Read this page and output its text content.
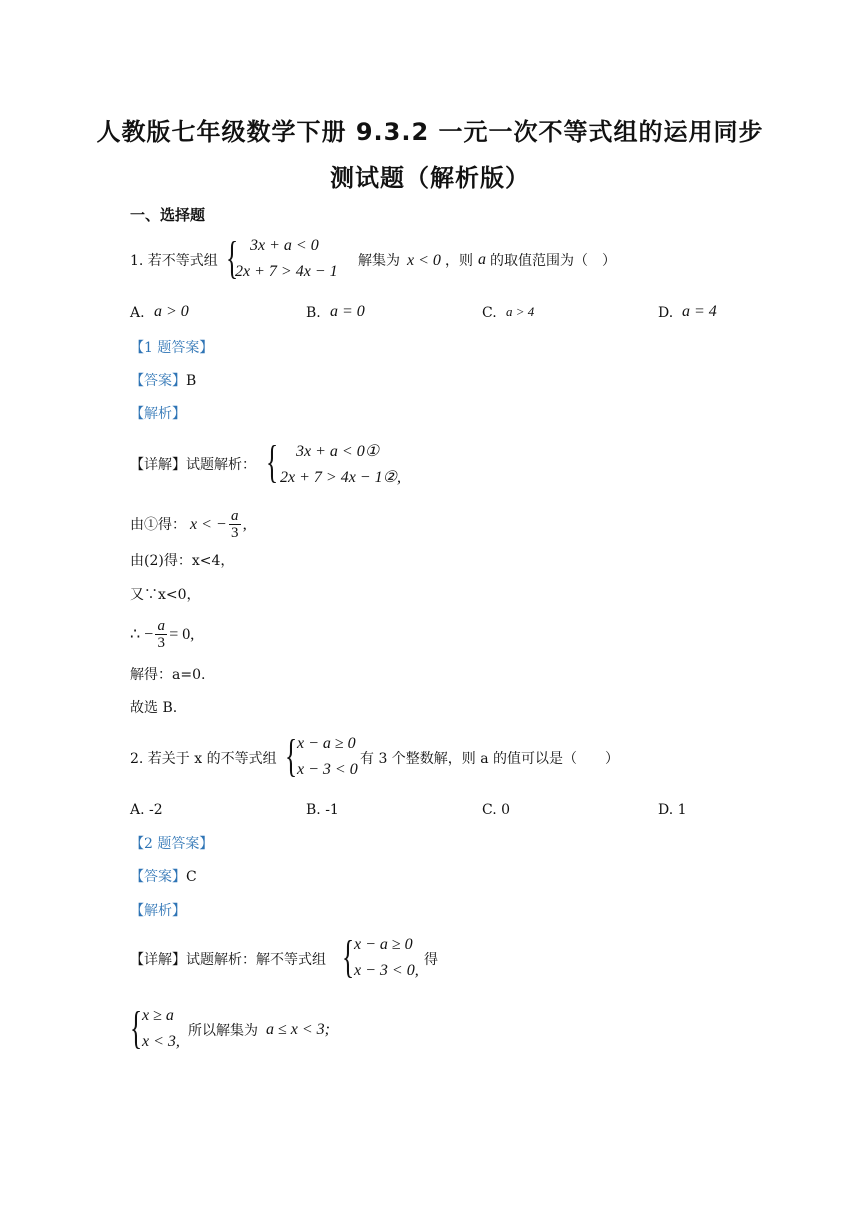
人教版七年级数学下册 9.3.2 一元一次不等式组的运用同步
测试题（解析版）
一、选择题
1. 若不等式组 { 3x + a < 0
2x + 7 > 4x − 1
解集为 x < 0 ，则 a 的取值范围为（　）
A. a > 0	B. a = 0	C. a > 4	D. a = 4
【1 题答案】
【答案】B
【解析】
【详解】试题解析： { 3x + a < 0①
2x + 7 > 4x − 1②,
由①得： x < − $\frac{a}{3}$ ,
由(2)得：x<4，
又∵x<0，
∴ − $\frac{a}{3} = 0$,
解得：a=0.
故选 B.
2. 若关于 x 的不等式组 { x − a ≥ 0
x − 3 < 0
有 3 个整数解，则 a 的值可以是（　　）
A. -2	B. -1	C. 0	D. 1
【2 题答案】
【答案】C
【解析】
【详解】试题解析：解不等式组 { x − a ≥ 0
x − 3 < 0,
得
{ x ≥ a
x < 3,
所以解集为 a ≤ x < 3;
